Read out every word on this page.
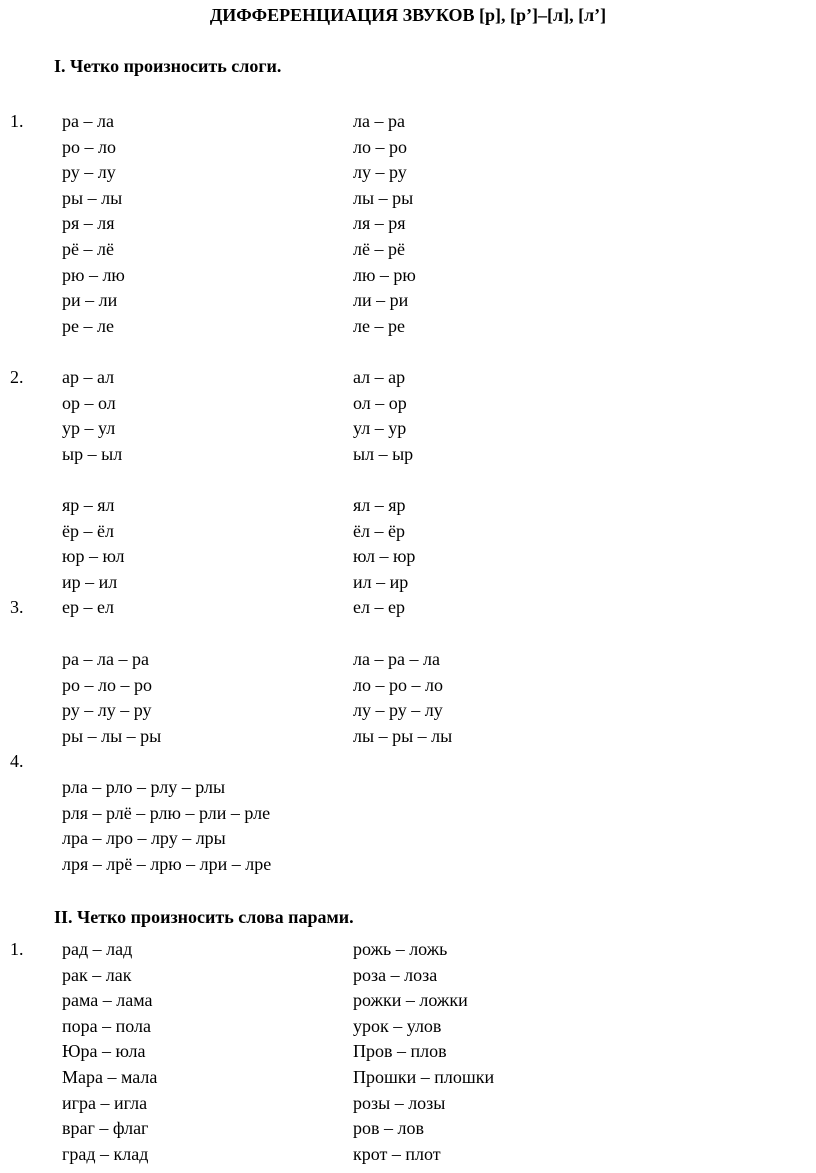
ДИФФЕРЕНЦИАЦИЯ ЗВУКОВ [р], [р’]–[л], [л’]
I. Четко произносить слоги.
1.
2.
3.
4.
ра – ла
ро – ло
ру – лу
ры – лы
ря – ля
рё – лё
рю – лю
ри – ли
ре – ле
ла – ра
ло – ро
лу – ру
лы – ры
ля – ря
лё – рё
лю – рю
ли – ри
ле – ре
ар – ал
ор – ол
ур – ул
ыр – ыл
ал – ар
ол – ор
ул – ур
ыл – ыр
яр – ял
ёр – ёл
юр – юл
ир – ил
ер – ел
ял – яр
ёл – ёр
юл – юр
ил – ир
ел – ер
ра – ла – ра
ро – ло – ро
ру – лу – ру
ры – лы – ры
ла – ра – ла
ло – ро – ло
лу – ру – лу
лы – ры – лы
рла – рло – рлу – рлы
рля – рлё – рлю – рли – рле
лра – лро – лру – лры
лря – лрё – лрю – лри – лре
II. Четко произносить слова парами.
1. рад – лад
рак – лак
рама – лама
пора – пола
Юра – юла
Мара – мала
игра – игла
враг – флаг
град – клад
рожь – ложь
роза – лоза
рожки – ложки
урок – улов
Пров – плов
Прошки – плошки
розы – лозы
ров – лов
крот – плот
